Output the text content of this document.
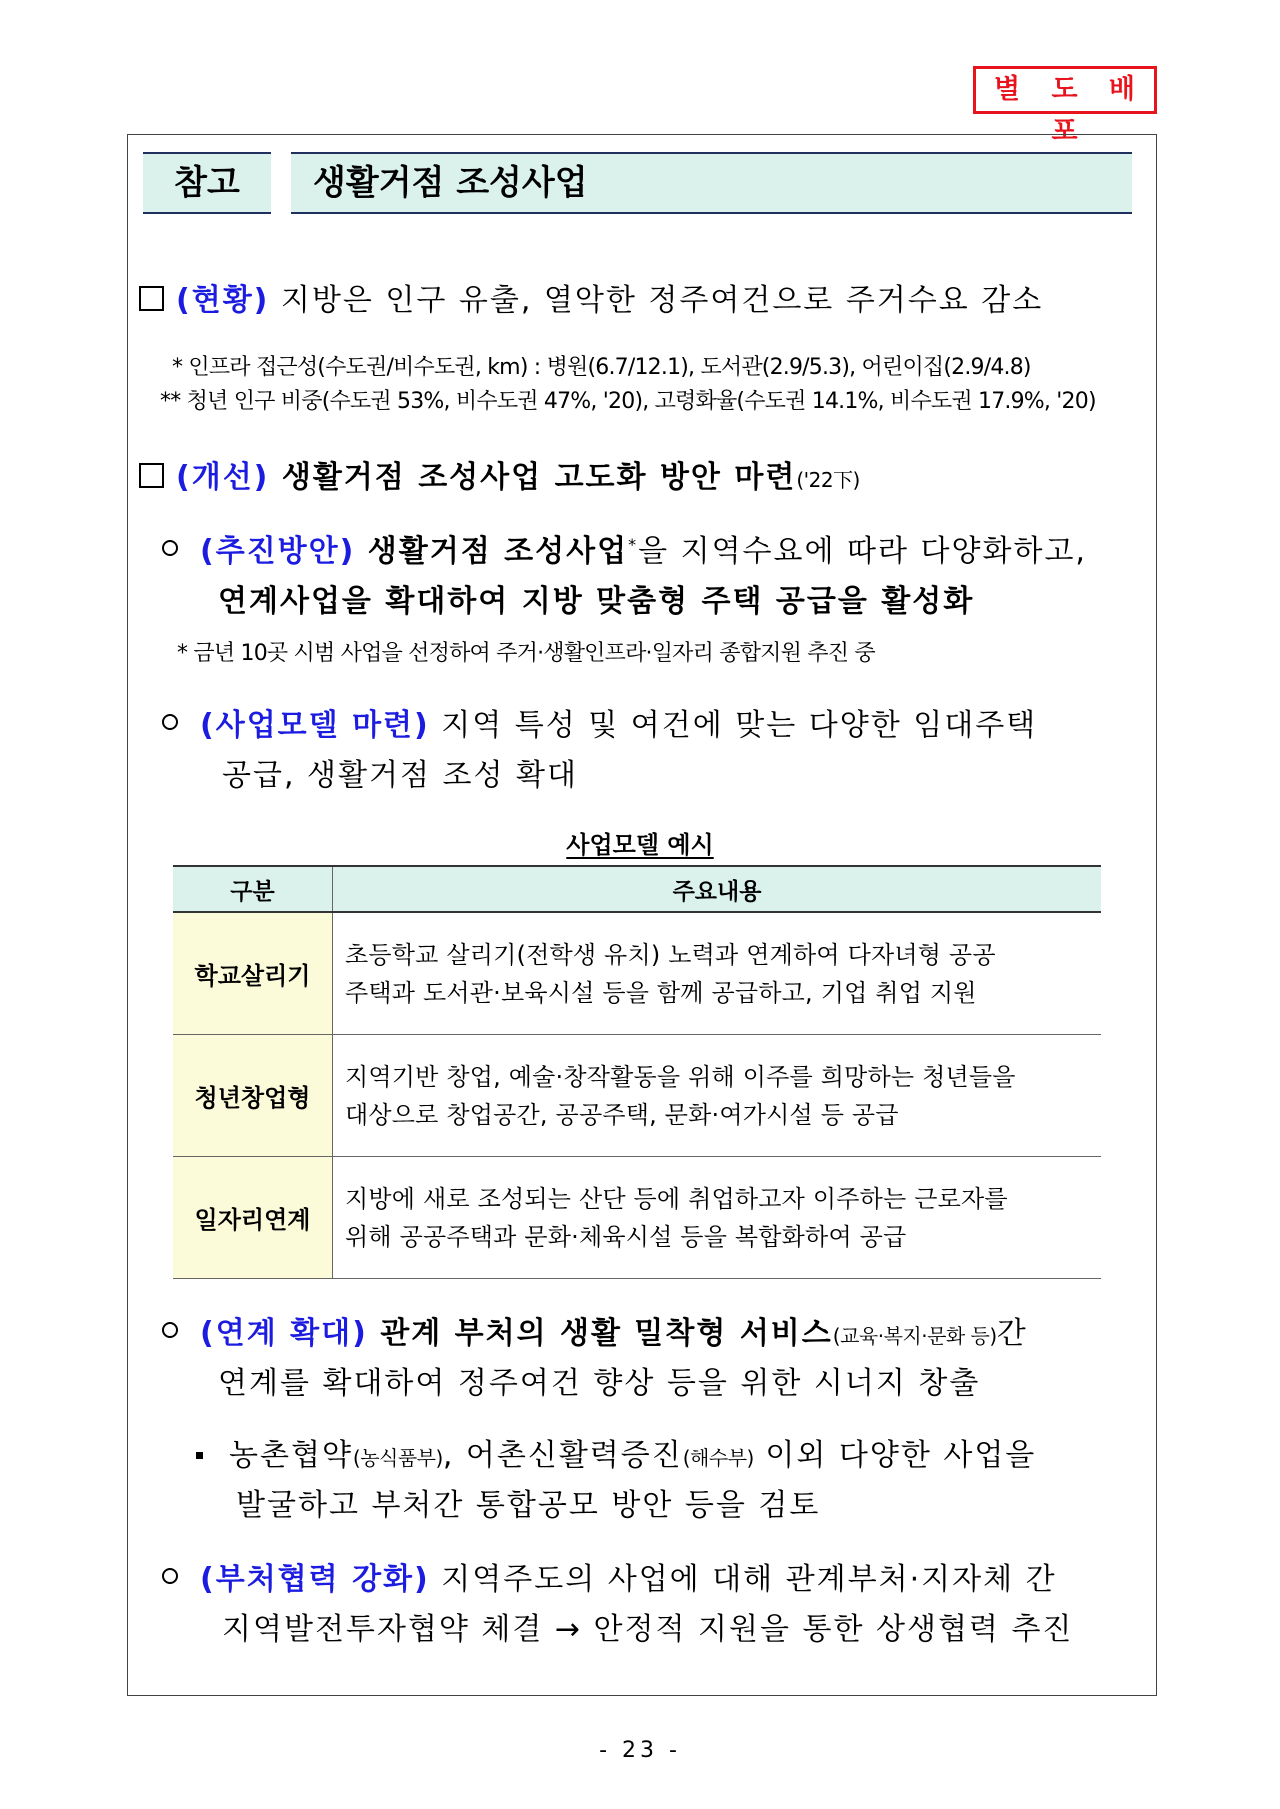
별 도 배 포
참고	생활거점 조성사업
(현황) 지방은 인구 유출, 열악한 정주여건으로 주거수요 감소
* 인프라 접근성(수도권/비수도권, km) : 병원(6.7/12.1), 도서관(2.9/5.3), 어린이집(2.9/4.8)
** 청년 인구 비중(수도권 53%, 비수도권 47%, '20), 고령화율(수도권 14.1%, 비수도권 17.9%, '20)
(개선) 생활거점 조성사업 고도화 방안 마련('22下)
(추진방안) 생활거점 조성사업*을 지역수요에 따라 다양화하고,
연계사업을 확대하여 지방 맞춤형 주택 공급을 활성화
* 금년 10곳 시범 사업을 선정하여 주거·생활인프라·일자리 종합지원 추진 중
(사업모델 마련) 지역 특성 및 여건에 맞는 다양한 임대주택
공급, 생활거점 조성 확대
사업모델 예시
구분	주요내용
학교살리기	초등학교 살리기(전학생 유치) 노력과 연계하여 다자녀형 공공
주택과 도서관·보육시설 등을 함께 공급하고, 기업 취업 지원

청년창업형	지역기반 창업, 예술·창작활동을 위해 이주를 희망하는 청년들을
대상으로 창업공간, 공공주택, 문화·여가시설 등 공급

일자리연계	지방에 새로 조성되는 산단 등에 취업하고자 이주하는 근로자를
위해 공공주택과 문화·체육시설 등을 복합화하여 공급
(연계 확대) 관계 부처의 생활 밀착형 서비스(교육·복지·문화 등)간
연계를 확대하여 정주여건 향상 등을 위한 시너지 창출
농촌협약(농식품부), 어촌신활력증진(해수부) 이외 다양한 사업을
발굴하고 부처간 통합공모 방안 등을 검토
(부처협력 강화) 지역주도의 사업에 대해 관계부처·지자체 간
지역발전투자협약 체결 → 안정적 지원을 통한 상생협력 추진
- 23 -
